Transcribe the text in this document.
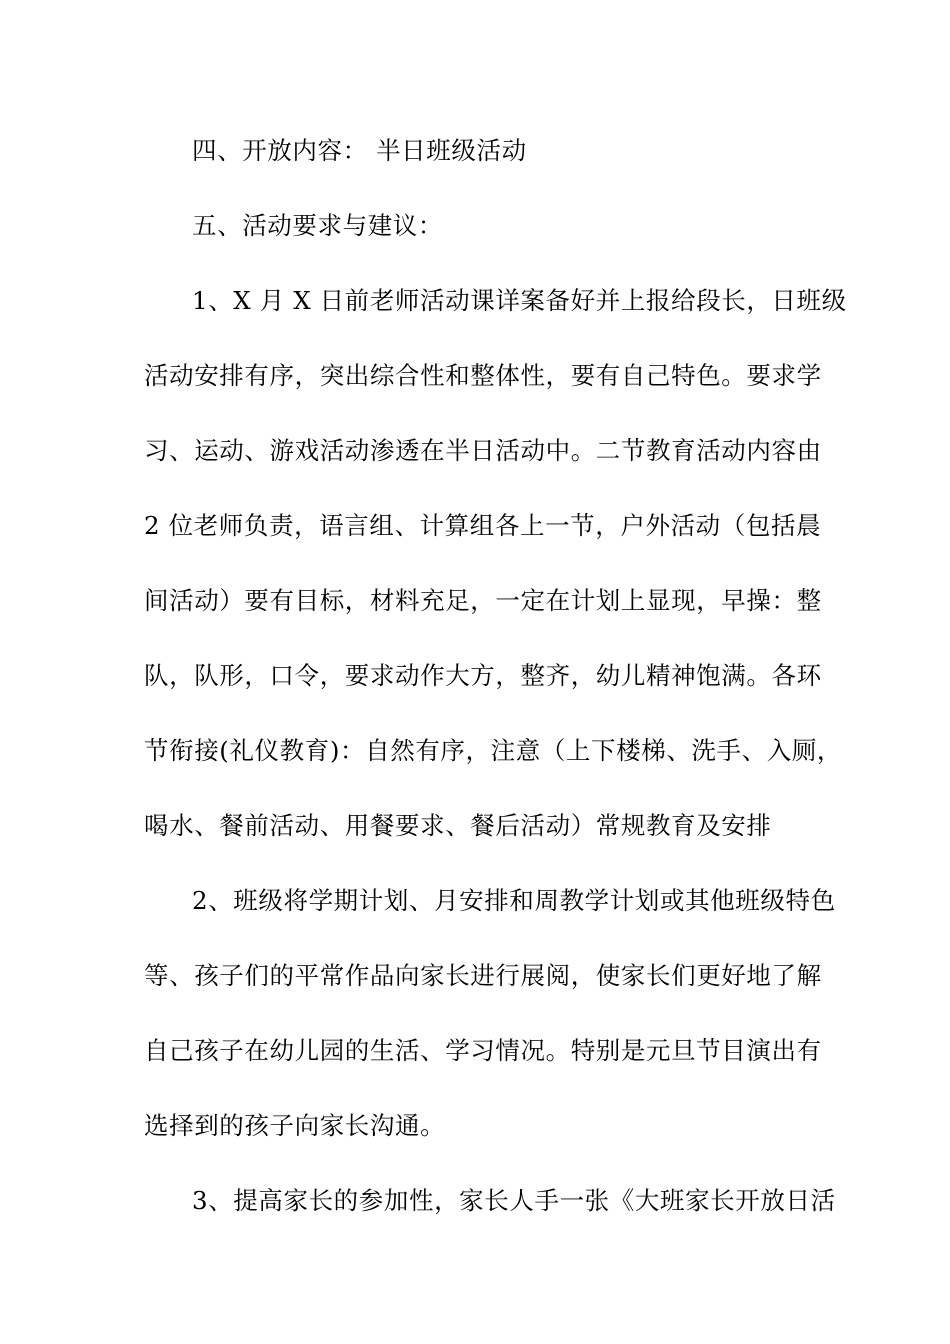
四、开放内容： 半日班级活动
五、活动要求与建议：
1、X 月 X 日前老师活动课详案备好并上报给段长，日班级
活动安排有序，突出综合性和整体性，要有自己特色。要求学
习、运动、游戏活动渗透在半日活动中。二节教育活动内容由
2 位老师负责，语言组、计算组各上一节，户外活动（包括晨
间活动）要有目标，材料充足，一定在计划上显现，早操：整
队，队形，口令，要求动作大方，整齐，幼儿精神饱满。各环
节衔接(礼仪教育)：自然有序，注意（上下楼梯、洗手、入厕，
喝水、餐前活动、用餐要求、餐后活动）常规教育及安排
2、班级将学期计划、月安排和周教学计划或其他班级特色
等、孩子们的平常作品向家长进行展阅，使家长们更好地了解
自己孩子在幼儿园的生活、学习情况。特别是元旦节目演出有
选择到的孩子向家长沟通。
3、提高家长的参加性，家长人手一张《大班家长开放日活
